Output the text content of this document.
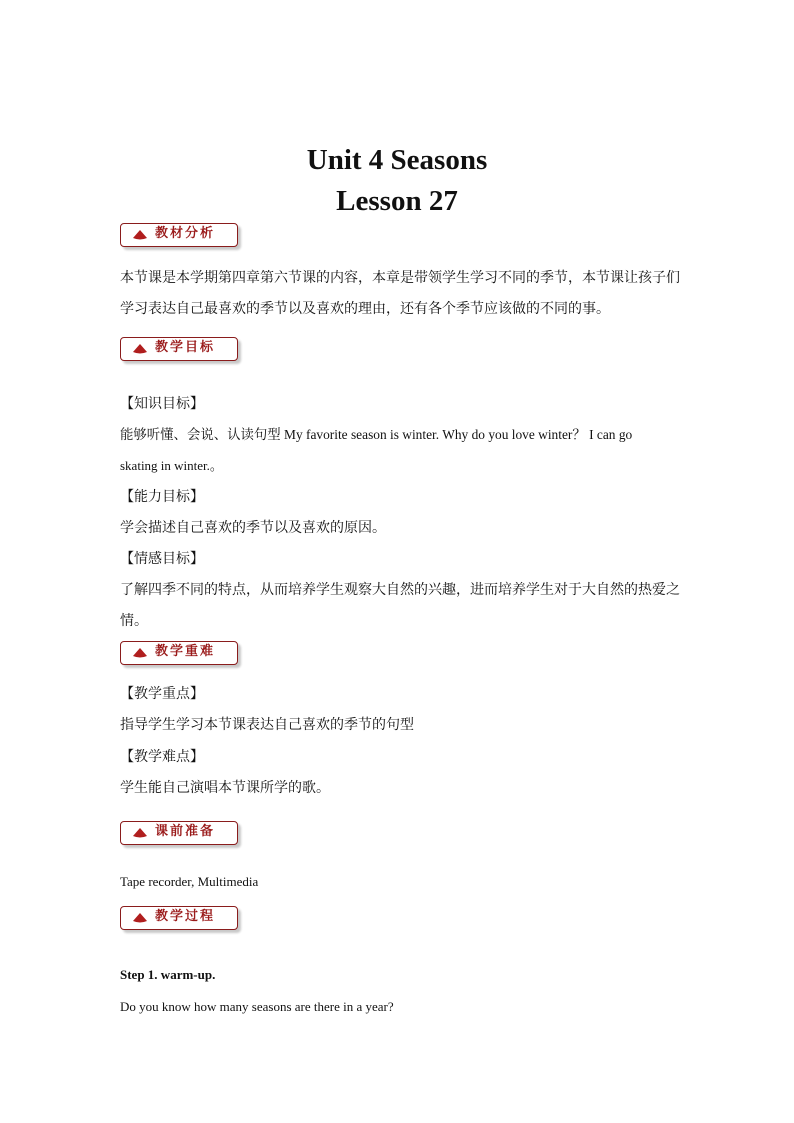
Unit 4 Seasons
Lesson 27
教材分析
本节课是本学期第四章第六节课的内容，本章是带领学生学习不同的季节，本节课让孩子们
学习表达自己最喜欢的季节以及喜欢的理由，还有各个季节应该做的不同的事。
教学目标
【知识目标】
能够听懂、会说、认读句型 My favorite season is winter. Why do you love winter？ I can go
skating in winter.。
【能力目标】
学会描述自己喜欢的季节以及喜欢的原因。
【情感目标】
了解四季不同的特点，从而培养学生观察大自然的兴趣，进而培养学生对于大自然的热爱之
情。
教学重难
【教学重点】
指导学生学习本节课表达自己喜欢的季节的句型
【教学难点】
学生能自己演唱本节课所学的歌。
课前准备
Tape recorder, Multimedia
教学过程
Step 1. warm-up.
Do you know how many seasons are there in a year?
